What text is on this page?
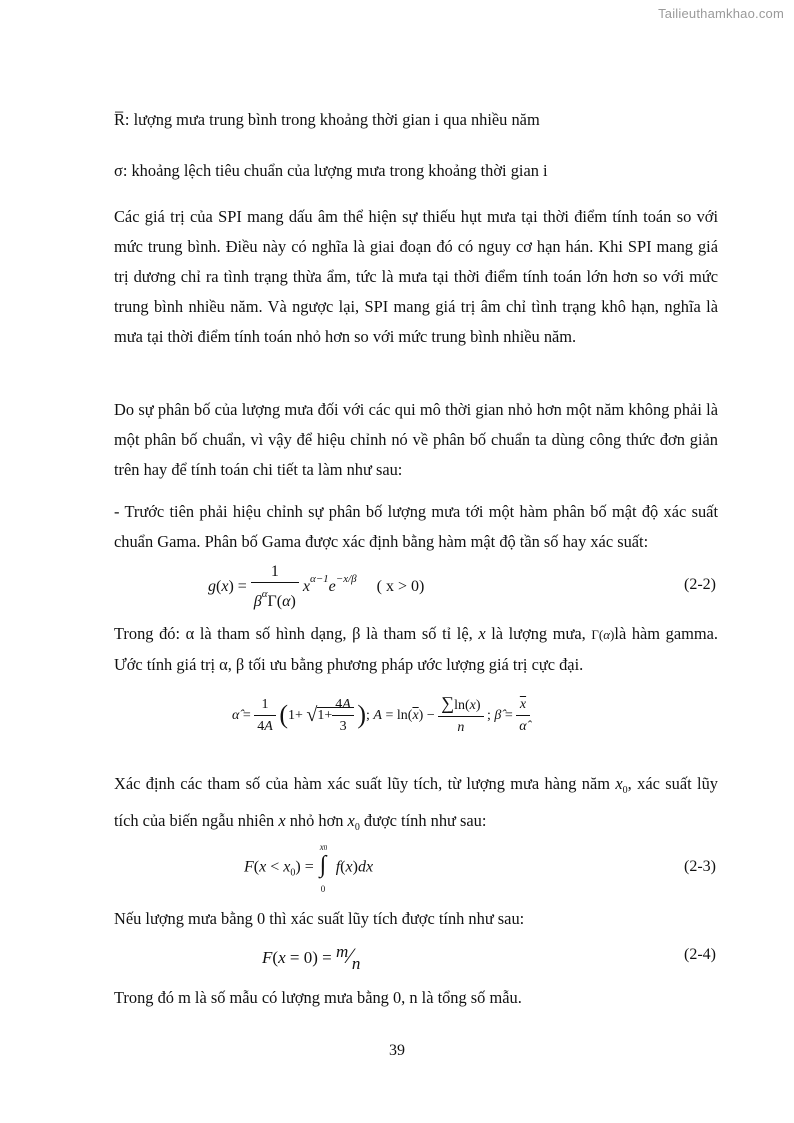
Tailieuthamkhao.com
R̅: lượng mưa trung bình trong khoảng thời gian i qua nhiều năm
σ: khoảng lệch tiêu chuẩn của lượng mưa trong khoảng thời gian i
Các giá trị của SPI mang dấu âm thể hiện sự thiếu hụt mưa tại thời điểm tính toán so với mức trung bình. Điều này có nghĩa là giai đoạn đó có nguy cơ hạn hán. Khi SPI mang giá trị dương chỉ ra tình trạng thừa ẩm, tức là mưa tại thời điểm tính toán lớn hơn so với mức trung bình nhiều năm. Và ngược lại, SPI mang giá trị âm chỉ tình trạng khô hạn, nghĩa là mưa tại thời điểm tính toán nhỏ hơn so với mức trung bình nhiều năm.
Do sự phân bố của lượng mưa đối với các qui mô thời gian nhỏ hơn một năm không phải là một phân bố chuẩn, vì vậy để hiệu chỉnh nó về phân bố chuẩn ta dùng công thức đơn giản trên hay để tính toán chi tiết ta làm như sau:
- Trước tiên phải hiệu chỉnh sự phân bố lượng mưa tới một hàm phân bố mật độ xác suất chuẩn Gama. Phân bố Gama được xác định bằng hàm mật độ tần số hay xác suất:
$g(x) = \frac{1}{\beta^\alpha\Gamma(\alpha)} x^{\alpha-1}e^{-x/\beta}$ ( x > 0)	(2-2)
Trong đó: α là tham số hình dạng, β là tham số tỉ lệ, x là lượng mưa, Γ(α)là hàm gamma. Ước tính giá trị α, β tối ưu bằng phương pháp ước lượng giá trị cực đại.
α̂ = $\frac{1}{4A} (1+ √1+ \frac{4A}{3}$ ); $A = \ln(\overline{x}) - \frac{\sum\ln(x)}{n}$ ; β̂ = $\frac{\overline{x}}{\alphâ}$
Xác định các tham số của hàm xác suất lũy tích, từ lượng mưa hàng năm $x_0$, xác suất lũy tích của biến ngẫu nhiên x nhỏ hơn $x_0$ được tính như sau:
$F(x < x_0)$ =
x0
∫
0
f(x)dx	(2-3)
Nếu lượng mưa bằng 0 thì xác suất lũy tích được tính như sau:
F(x = 0) = m⁄n	(2-4)
Trong đó m là số mẫu có lượng mưa bằng 0, n là tổng số mẫu.
39
